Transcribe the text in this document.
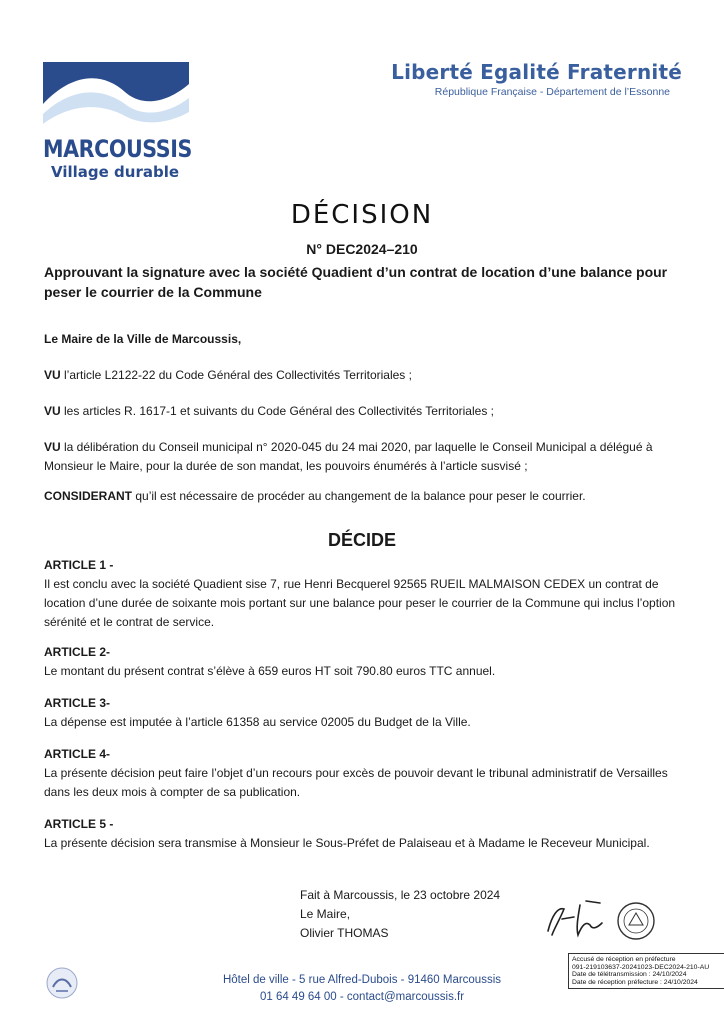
MARCOUSSIS
Village durable
Liberté Egalité Fraternité
République Française - Département de l’Essonne
DÉCISION
N° DEC2024–210
Approuvant la signature avec la société Quadient d’un contrat de location d’une balance pour peser le courrier de la Commune
Le Maire de la Ville de Marcoussis,
VU l’article L2122-22 du Code Général des Collectivités Territoriales ;
VU les articles R. 1617-1 et suivants du Code Général des Collectivités Territoriales ;
VU la délibération du Conseil municipal n° 2020-045 du 24 mai 2020, par laquelle le Conseil Municipal a délégué à Monsieur le Maire, pour la durée de son mandat, les pouvoirs énumérés à l’article susvisé ;
CONSIDERANT qu’il est nécessaire de procéder au changement de la balance pour peser le courrier.
DÉCIDE
ARTICLE 1 -
Il est conclu avec la société Quadient sise 7, rue Henri Becquerel 92565 RUEIL MALMAISON CEDEX un contrat de location d’une durée de soixante mois portant sur une balance pour peser le courrier de la Commune qui inclus l’option sérénité et le contrat de service.
ARTICLE 2-
Le montant du présent contrat s’élève à 659 euros HT soit 790.80 euros TTC annuel.
ARTICLE 3-
La dépense est imputée à l’article 61358 au service 02005 du Budget de la Ville.
ARTICLE 4-
La présente décision peut faire l’objet d’un recours pour excès de pouvoir devant le tribunal administratif de Versailles dans les deux mois à compter de sa publication.
ARTICLE 5 -
La présente décision sera transmise à Monsieur le Sous-Préfet de Palaiseau et à Madame le Receveur Municipal.
Fait à Marcoussis, le 23 octobre 2024
Le Maire,
Olivier THOMAS
Hôtel de ville - 5 rue Alfred-Dubois - 91460 Marcoussis
01 64 49 64 00 - contact@marcoussis.fr
Accusé de réception en préfecture
091-219103637-20241023-DEC2024-210-AU
Date de télétransmission : 24/10/2024
Date de réception préfecture : 24/10/2024
